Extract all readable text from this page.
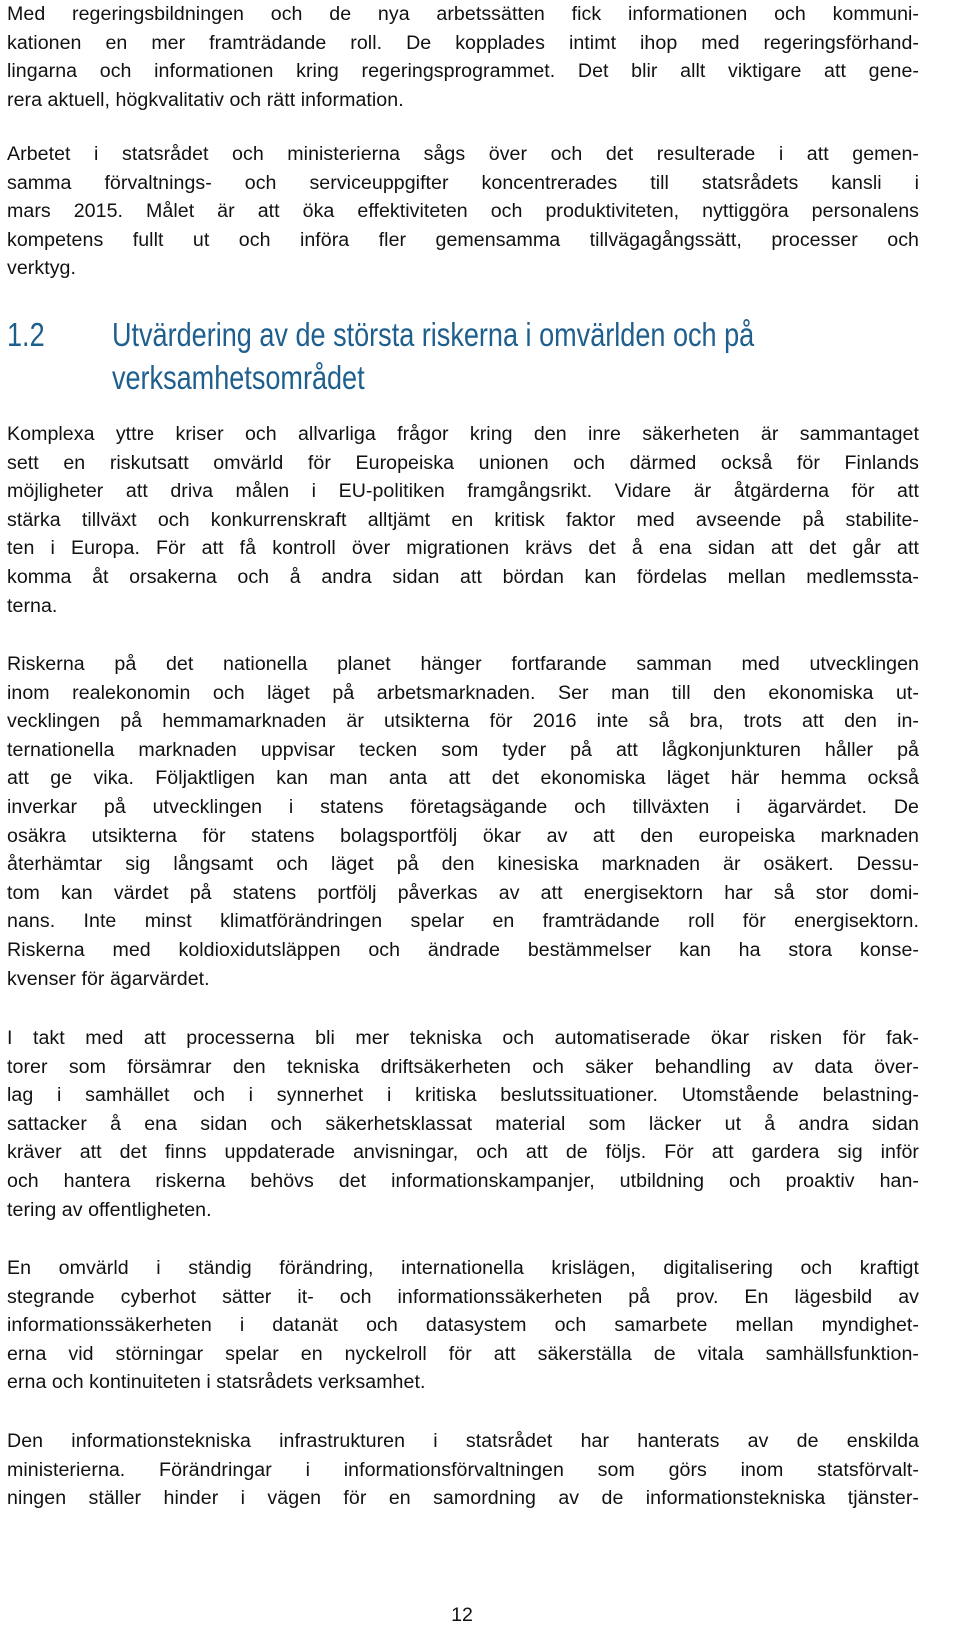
Med regeringsbildningen och de nya arbetssätten fick informationen och kommuni-
kationen en mer framträdande roll. De kopplades intimt ihop med regeringsförhand-
lingarna och informationen kring regeringsprogrammet. Det blir allt viktigare att gene-
rera aktuell, högkvalitativ och rätt information.
Arbetet i statsrådet och ministerierna sågs över och det resulterade i att gemen-
samma förvaltnings- och serviceuppgifter koncentrerades till statsrådets kansli i
mars 2015. Målet är att öka effektiviteten och produktiviteten, nyttiggöra personalens
kompetens fullt ut och införa fler gemensamma tillvägagångssätt, processer och
verktyg.
1.2 Utvärdering av de största riskerna i omvärlden och på
verksamhetsområdet
Komplexa yttre kriser och allvarliga frågor kring den inre säkerheten är sammantaget
sett en riskutsatt omvärld för Europeiska unionen och därmed också för Finlands
möjligheter att driva målen i EU-politiken framgångsrikt. Vidare är åtgärderna för att
stärka tillväxt och konkurrenskraft alltjämt en kritisk faktor med avseende på stabilite-
ten i Europa. För att få kontroll över migrationen krävs det å ena sidan att det går att
komma åt orsakerna och å andra sidan att bördan kan fördelas mellan medlemssta-
terna.
Riskerna på det nationella planet hänger fortfarande samman med utvecklingen
inom realekonomin och läget på arbetsmarknaden. Ser man till den ekonomiska ut-
vecklingen på hemmamarknaden är utsikterna för 2016 inte så bra, trots att den in-
ternationella marknaden uppvisar tecken som tyder på att lågkonjunkturen håller på
att ge vika. Följaktligen kan man anta att det ekonomiska läget här hemma också
inverkar på utvecklingen i statens företagsägande och tillväxten i ägarvärdet. De
osäkra utsikterna för statens bolagsportfölj ökar av att den europeiska marknaden
återhämtar sig långsamt och läget på den kinesiska marknaden är osäkert. Dessu-
tom kan värdet på statens portfölj påverkas av att energisektorn har så stor domi-
nans. Inte minst klimatförändringen spelar en framträdande roll för energisektorn.
Riskerna med koldioxidutsläppen och ändrade bestämmelser kan ha stora konse-
kvenser för ägarvärdet.
I takt med att processerna bli mer tekniska och automatiserade ökar risken för fak-
torer som försämrar den tekniska driftsäkerheten och säker behandling av data över-
lag i samhället och i synnerhet i kritiska beslutssituationer. Utomstående belastning-
sattacker å ena sidan och säkerhetsklassat material som läcker ut å andra sidan
kräver att det finns uppdaterade anvisningar, och att de följs. För att gardera sig inför
och hantera riskerna behövs det informationskampanjer, utbildning och proaktiv han-
tering av offentligheten.
En omvärld i ständig förändring, internationella krislägen, digitalisering och kraftigt
stegrande cyberhot sätter it- och informationssäkerheten på prov. En lägesbild av
informationssäkerheten i datanät och datasystem och samarbete mellan myndighet-
erna vid störningar spelar en nyckelroll för att säkerställa de vitala samhällsfunktion-
erna och kontinuiteten i statsrådets verksamhet.
Den informationstekniska infrastrukturen i statsrådet har hanterats av de enskilda
ministerierna. Förändringar i informationsförvaltningen som görs inom statsförvalt-
ningen ställer hinder i vägen för en samordning av de informationstekniska tjänster-
12
